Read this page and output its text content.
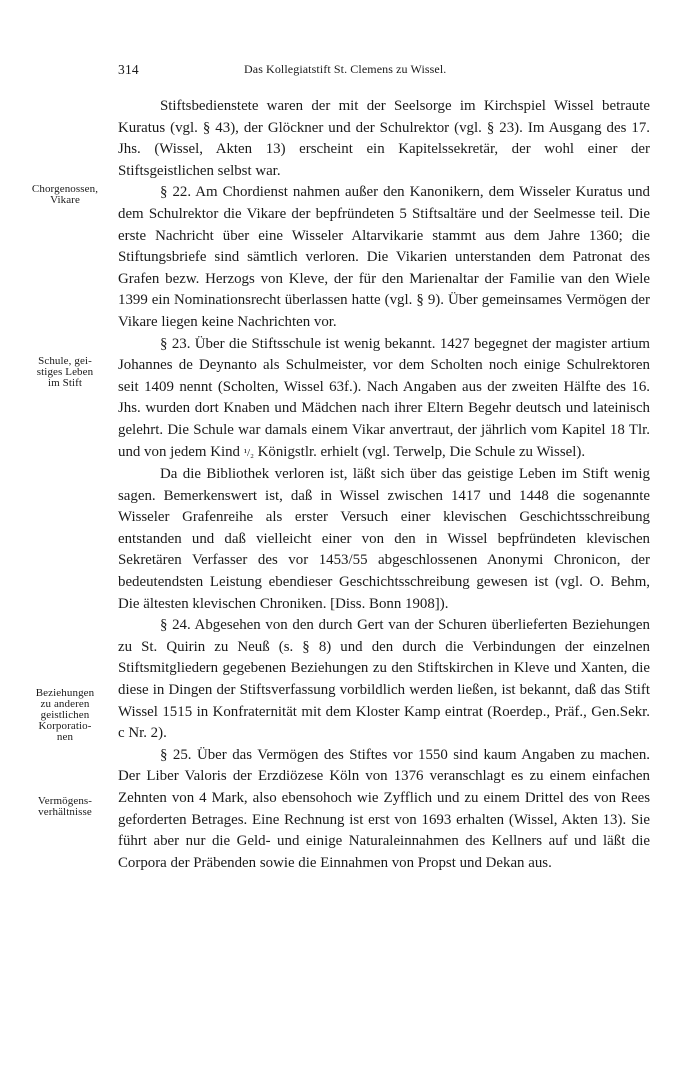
314	Das Kollegiatstift St. Clemens zu Wissel.
Chorgenossen,
Vikare
Schule, gei-
stiges Leben
im Stift
Beziehungen
zu anderen
geistlichen
Korporatio-
nen
Vermögens-
verhältnisse

Stiftsbedienstete waren der mit der Seelsorge im Kirchspiel Wissel betraute Kuratus (vgl. § 43), der Glöckner und der Schulrektor (vgl. § 23). Im Ausgang des 17. Jhs. (Wissel, Akten 13) erscheint ein Kapitelssekretär, der wohl einer der Stiftsgeistlichen selbst war.

§ 22. Am Chordienst nahmen außer den Kanonikern, dem Wisseler Kuratus und dem Schulrektor die Vikare der bepfründeten 5 Stiftsaltäre und der Seelmesse teil. Die erste Nachricht über eine Wisseler Altarvikarie stammt aus dem Jahre 1360; die Stiftungsbriefe sind sämtlich verloren. Die Vikarien unterstanden dem Patronat des Grafen bezw. Herzogs von Kleve, der für den Marienaltar der Familie van den Wiele 1399 ein Nominationsrecht überlassen hatte (vgl. § 9). Über gemeinsames Vermögen der Vikare liegen keine Nachrichten vor.

§ 23. Über die Stiftsschule ist wenig bekannt. 1427 begegnet der magister artium Johannes de Deynanto als Schulmeister, vor dem Scholten noch einige Schulrektoren seit 1409 nennt (Scholten, Wissel 63f.). Nach Angaben aus der zweiten Hälfte des 16. Jhs. wurden dort Knaben und Mädchen nach ihrer Eltern Begehr deutsch und lateinisch gelehrt. Die Schule war damals einem Vikar anvertraut, der jährlich vom Kapitel 18 Tlr. und von jedem Kind ¹/₂ Königstlr. erhielt (vgl. Terwelp, Die Schule zu Wissel).

Da die Bibliothek verloren ist, läßt sich über das geistige Leben im Stift wenig sagen. Bemerkenswert ist, daß in Wissel zwischen 1417 und 1448 die sogenannte Wisseler Grafenreihe als erster Versuch einer klevischen Geschichtsschreibung entstanden und daß vielleicht einer von den in Wissel bepfründeten klevischen Sekretären Verfasser des vor 1453/55 abgeschlossenen Anonymi Chronicon, der bedeutendsten Leistung ebendieser Geschichtsschreibung gewesen ist (vgl. O. Behm, Die ältesten klevischen Chroniken. [Diss. Bonn 1908]).

§ 24. Abgesehen von den durch Gert van der Schuren überlieferten Beziehungen zu St. Quirin zu Neuß (s. § 8) und den durch die Verbindungen der einzelnen Stiftsmitgliedern gegebenen Beziehungen zu den Stiftskirchen in Kleve und Xanten, die diese in Dingen der Stiftsverfassung vorbildlich werden ließen, ist bekannt, daß das Stift Wissel 1515 in Konfraternität mit dem Kloster Kamp eintrat (Roerdep., Präf., Gen.Sekr. c Nr. 2).

§ 25. Über das Vermögen des Stiftes vor 1550 sind kaum Angaben zu machen. Der Liber Valoris der Erzdiözese Köln von 1376 veranschlagt es zu einem einfachen Zehnten von 4 Mark, also ebensohoch wie Zyfflich und zu einem Drittel des von Rees geforderten Betrages. Eine Rechnung ist erst von 1693 erhalten (Wissel, Akten 13). Sie führt aber nur die Geld- und einige Naturaleinnahmen des Kellners auf und läßt die Corpora der Präbenden sowie die Einnahmen von Propst und Dekan aus.
